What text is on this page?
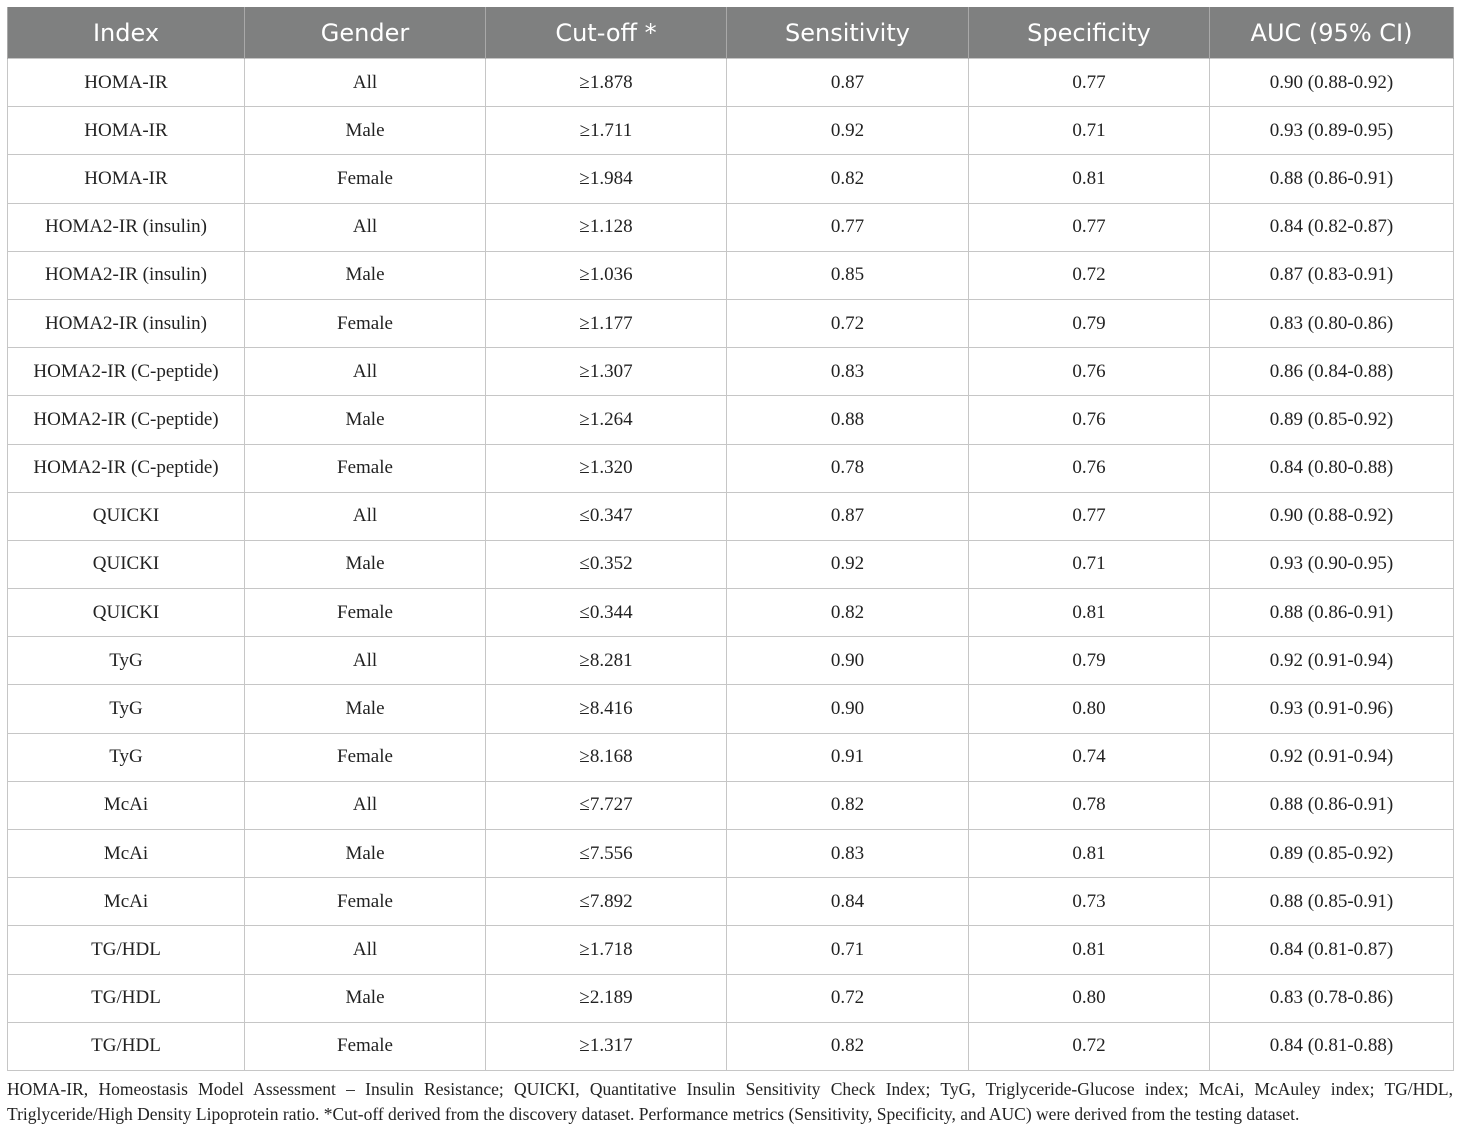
Index	Gender	Cut-off *	Sensitivity	Specificity	AUC (95% CI)
HOMA-IR	All	≥1.878	0.87	0.77	0.90 (0.88-0.92)
HOMA-IR	Male	≥1.711	0.92	0.71	0.93 (0.89-0.95)
HOMA-IR	Female	≥1.984	0.82	0.81	0.88 (0.86-0.91)
HOMA2-IR (insulin)	All	≥1.128	0.77	0.77	0.84 (0.82-0.87)
HOMA2-IR (insulin)	Male	≥1.036	0.85	0.72	0.87 (0.83-0.91)
HOMA2-IR (insulin)	Female	≥1.177	0.72	0.79	0.83 (0.80-0.86)
HOMA2-IR (C-peptide)	All	≥1.307	0.83	0.76	0.86 (0.84-0.88)
HOMA2-IR (C-peptide)	Male	≥1.264	0.88	0.76	0.89 (0.85-0.92)
HOMA2-IR (C-peptide)	Female	≥1.320	0.78	0.76	0.84 (0.80-0.88)
QUICKI	All	≤0.347	0.87	0.77	0.90 (0.88-0.92)
QUICKI	Male	≤0.352	0.92	0.71	0.93 (0.90-0.95)
QUICKI	Female	≤0.344	0.82	0.81	0.88 (0.86-0.91)
TyG	All	≥8.281	0.90	0.79	0.92 (0.91-0.94)
TyG	Male	≥8.416	0.90	0.80	0.93 (0.91-0.96)
TyG	Female	≥8.168	0.91	0.74	0.92 (0.91-0.94)
McAi	All	≤7.727	0.82	0.78	0.88 (0.86-0.91)
McAi	Male	≤7.556	0.83	0.81	0.89 (0.85-0.92)
McAi	Female	≤7.892	0.84	0.73	0.88 (0.85-0.91)
TG/HDL	All	≥1.718	0.71	0.81	0.84 (0.81-0.87)
TG/HDL	Male	≥2.189	0.72	0.80	0.83 (0.78-0.86)
TG/HDL	Female	≥1.317	0.82	0.72	0.84 (0.81-0.88)
HOMA-IR, Homeostasis Model Assessment – Insulin Resistance; QUICKI, Quantitative Insulin Sensitivity Check Index; TyG, Triglyceride-Glucose index; McAi, McAuley index; TG/HDL, Triglyceride/High Density Lipoprotein ratio. *Cut-off derived from the discovery dataset. Performance metrics (Sensitivity, Specificity, and AUC) were derived from the testing dataset.
